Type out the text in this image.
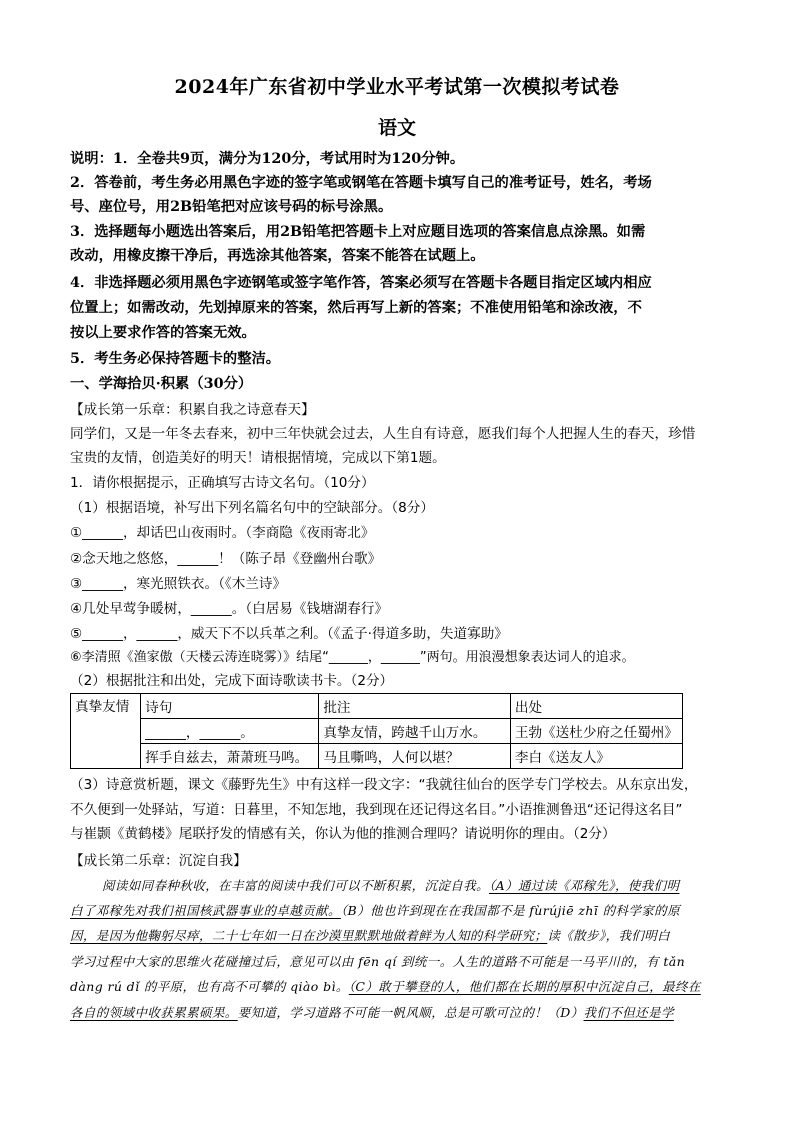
2024年广东省初中学业水平考试第一次模拟考试卷
语文
说明：1．全卷共9页，满分为120分，考试用时为120分钟。
2．答卷前，考生务必用黑色字迹的签字笔或钢笔在答题卡填写自己的准考证号，姓名，考场
号、座位号，用2B铅笔把对应该号码的标号涂黑。
3．选择题每小题选出答案后，用2B铅笔把答题卡上对应题目选项的答案信息点涂黑。如需
改动，用橡皮擦干净后，再选涂其他答案，答案不能答在试题上。
4．非选择题必须用黑色字迹钢笔或签字笔作答，答案必须写在答题卡各题目指定区域内相应
位置上；如需改动，先划掉原来的答案，然后再写上新的答案；不准使用铅笔和涂改液，不
按以上要求作答的答案无效。
5．考生务必保持答题卡的整洁。
一、学海拾贝·积累（30分）
【成长第一乐章：积累自我之诗意春天】
同学们，又是一年冬去春来，初中三年快就会过去，人生自有诗意，愿我们每个人把握人生的春天，珍惜
宝贵的友情，创造美好的明天！请根据情境，完成以下第1题。
1．请你根据提示，正确填写古诗文名句。（10分）
（1）根据语境，补写出下列名篇名句中的空缺部分。（8分）
①______，却话巴山夜雨时。（李商隐《夜雨寄北》
②念天地之悠悠，______！（陈子昂《登幽州台歌》
③______，寒光照铁衣。（《木兰诗》
④几处早莺争暖树，______。（白居易《钱塘湖春行》
⑤______，______，威天下不以兵革之利。（《孟子·得道多助，失道寡助》
⑥李清照《渔家傲（天楼云涛连晓雾）》结尾“______，______”两句。用浪漫想象表达词人的追求。
（2）根据批注和出处，完成下面诗歌读书卡。（2分）
真挚友情	诗句	批注	出处
	______，______。	真挚友情，跨越千山万水。	王勃《送杜少府之任蜀州》
	挥手自兹去，萧萧班马鸣。	马且嘶鸣，人何以堪？	李白《送友人》
（3）诗意赏析题，课文《藤野先生》中有这样一段文字：“我就往仙台的医学专门学校去。从东京出发，
不久便到一处驿站，写道：日暮里，不知怎地，我到现在还记得这名目。”小语推测鲁迅“还记得这名目”
与崔颢《黄鹤楼》尾联抒发的情感有关，你认为他的推测合理吗？请说明你的理由。（2分）
【成长第二乐章：沉淀自我】
阅读如同春种秋收，在丰富的阅读中我们可以不断积累，沉淀自我。（A）通过读《邓稼先》，使我们明
白了邓稼先对我们祖国核武器事业的卓越贡献。（B）他也许到现在在我国都不是 fùrújiē zhī 的科学家的原
因，是因为他鞠躬尽瘁，二十七年如一日在沙漠里默默地做着鲜为人知的科学研究；读《散步》，我们明白
学习过程中大家的思维火花碰撞过后，意见可以由 fēn qí 到统一。人生的道路不可能是一马平川的，有 tǎn
dàng rú dǐ 的平原，也有高不可攀的 qiào bì。（C）敢于攀登的人，他们都在长期的厚积中沉淀自己，最终在
各自的领域中收获累累硕果。要知道，学习道路不可能一帆风顺，总是可歌可泣的！（D）我们不但还是学
